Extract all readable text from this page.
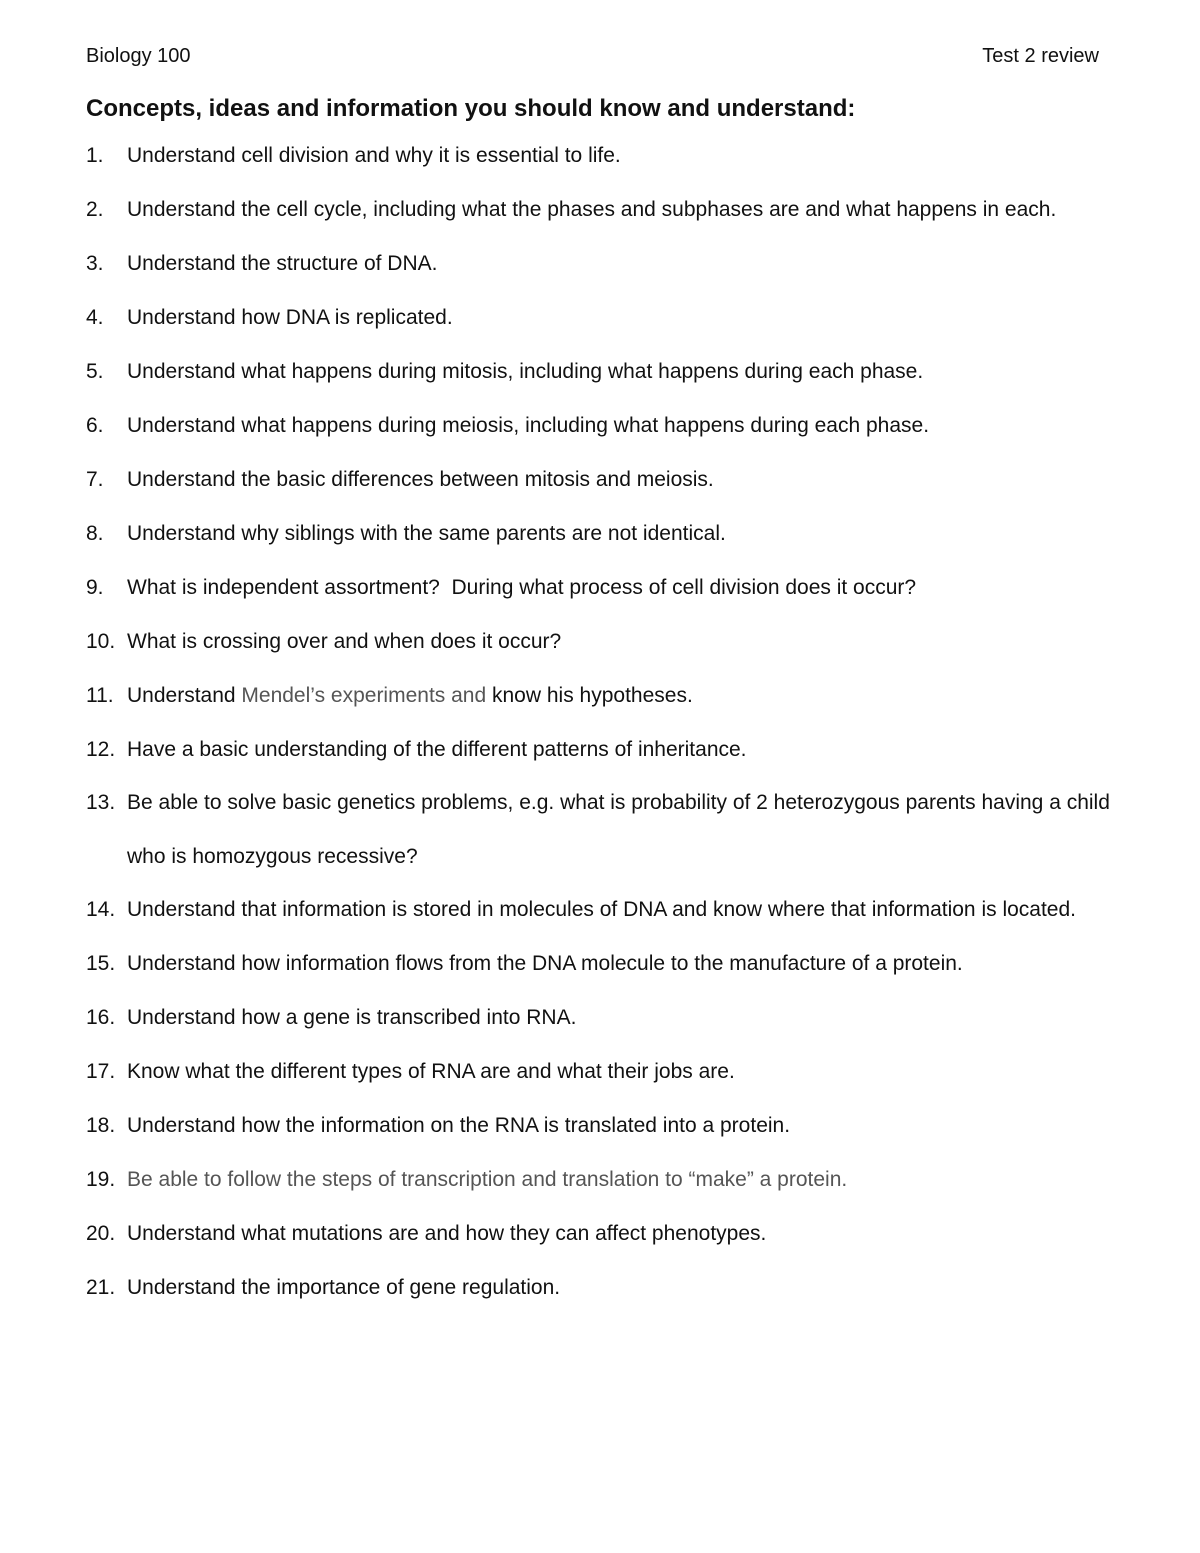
Biology 100	Test 2 review
Concepts, ideas and information you should know and understand:
1. Understand cell division and why it is essential to life.
2. Understand the cell cycle, including what the phases and subphases are and what happens in each.
3. Understand the structure of DNA.
4. Understand how DNA is replicated.
5. Understand what happens during mitosis, including what happens during each phase.
6. Understand what happens during meiosis, including what happens during each phase.
7. Understand the basic differences between mitosis and meiosis.
8. Understand why siblings with the same parents are not identical.
9. What is independent assortment?  During what process of cell division does it occur?
10. What is crossing over and when does it occur?
11. Understand Mendel’s experiments and know his hypotheses.
12. Have a basic understanding of the different patterns of inheritance.
13. Be able to solve basic genetics problems, e.g. what is probability of 2 heterozygous parents having a child who is homozygous recessive?
14. Understand that information is stored in molecules of DNA and know where that information is located.
15. Understand how information flows from the DNA molecule to the manufacture of a protein.
16. Understand how a gene is transcribed into RNA.
17. Know what the different types of RNA are and what their jobs are.
18. Understand how the information on the RNA is translated into a protein.
19. Be able to follow the steps of transcription and translation to “make” a protein.
20. Understand what mutations are and how they can affect phenotypes.
21. Understand the importance of gene regulation.
